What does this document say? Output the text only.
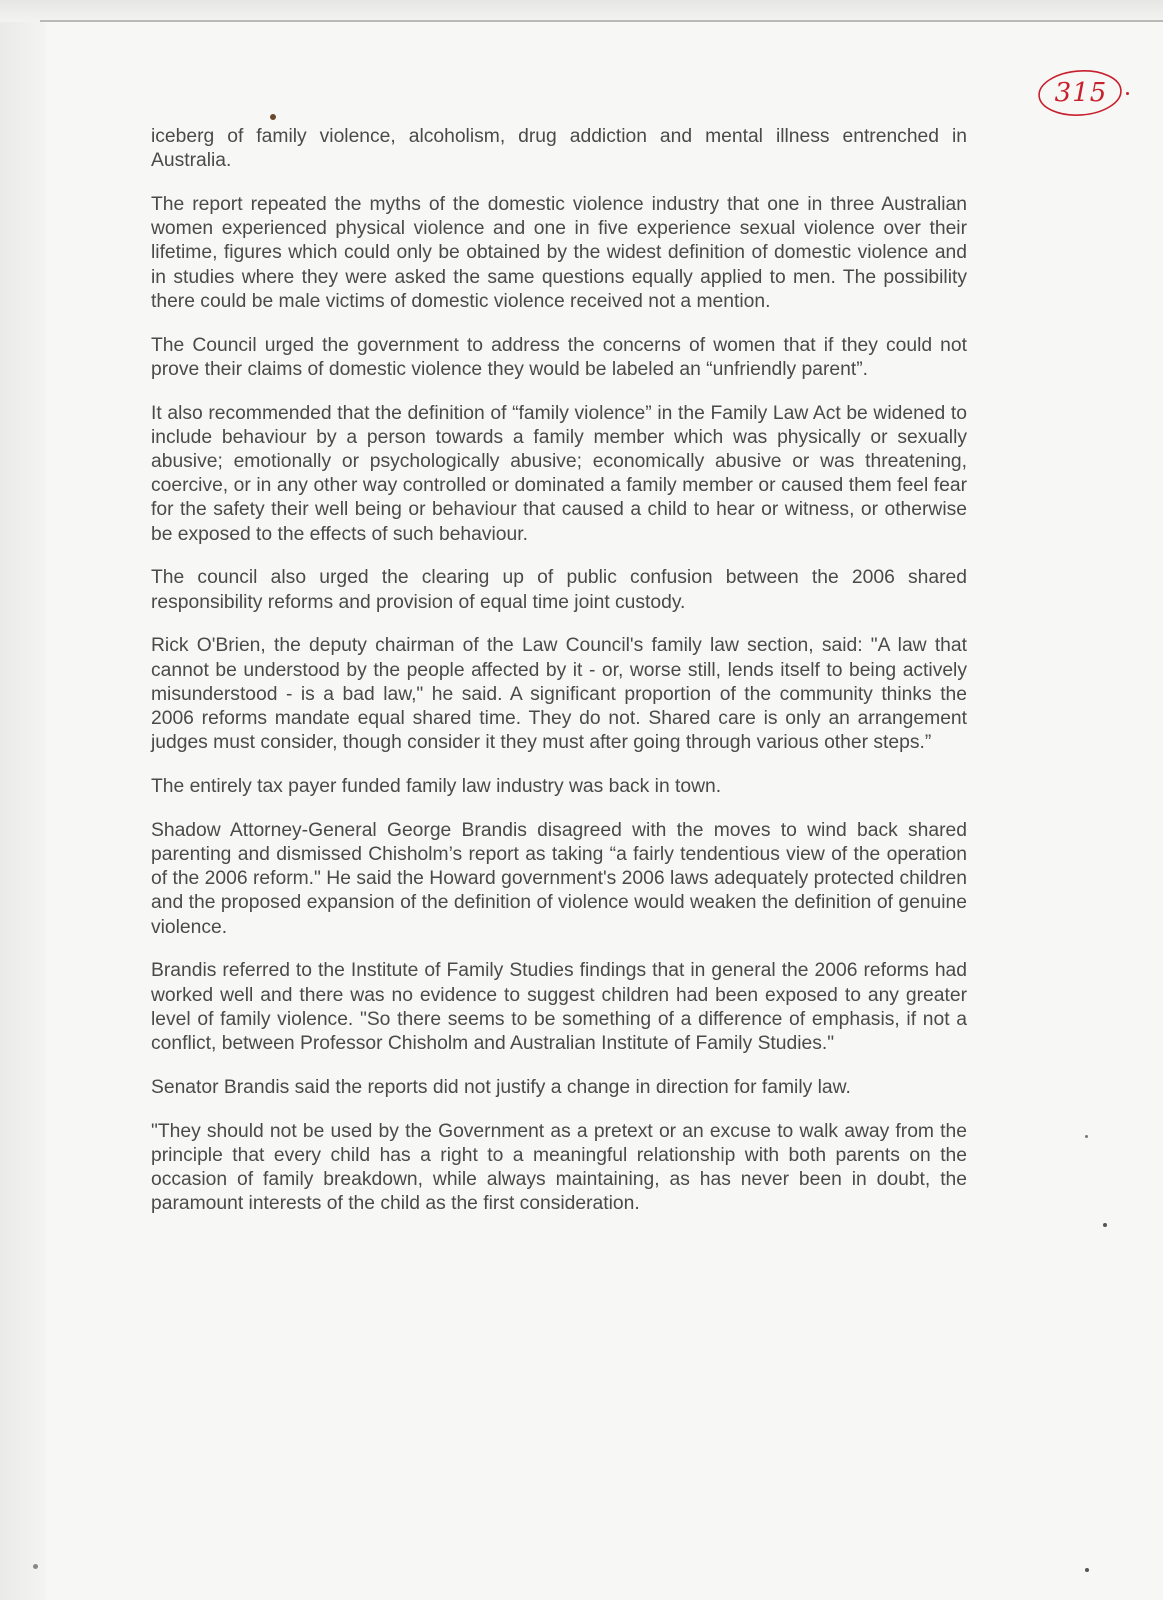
315

iceberg of family violence, alcoholism, drug addiction and mental illness entrenched in Australia.

The report repeated the myths of the domestic violence industry that one in three Australian women experienced physical violence and one in five experience sexual violence over their lifetime, figures which could only be obtained by the widest definition of domestic violence and in studies where they were asked the same questions equally applied to men. The possibility there could be male victims of domestic violence received not a mention.

The Council urged the government to address the concerns of women that if they could not prove their claims of domestic violence they would be labeled an “unfriendly parent”.

It also recommended that the definition of “family violence” in the Family Law Act be widened to include behaviour by a person towards a family member which was physically or sexually abusive; emotionally or psychologically abusive; economically abusive or was threatening, coercive, or in any other way controlled or dominated a family member or caused them feel fear for the safety their well being or behaviour that caused a child to hear or witness, or otherwise be exposed to the effects of such behaviour.

The council also urged the clearing up of public confusion between the 2006 shared responsibility reforms and provision of equal time joint custody.

Rick O'Brien, the deputy chairman of the Law Council's family law section, said: "A law that cannot be understood by the people affected by it - or, worse still, lends itself to being actively misunderstood - is a bad law," he said. A significant proportion of the community thinks the 2006 reforms mandate equal shared time. They do not. Shared care is only an arrangement judges must consider, though consider it they must after going through various other steps.”

The entirely tax payer funded family law industry was back in town.

Shadow Attorney-General George Brandis disagreed with the moves to wind back shared parenting and dismissed Chisholm’s report as taking “a fairly tendentious view of the operation of the 2006 reform." He said the Howard government's 2006 laws adequately protected children and the proposed expansion of the definition of violence would weaken the definition of genuine violence.

Brandis referred to the Institute of Family Studies findings that in general the 2006 reforms had worked well and there was no evidence to suggest children had been exposed to any greater level of family violence. "So there seems to be something of a difference of emphasis, if not a conflict, between Professor Chisholm and Australian Institute of Family Studies."

Senator Brandis said the reports did not justify a change in direction for family law.

"They should not be used by the Government as a pretext or an excuse to walk away from the principle that every child has a right to a meaningful relationship with both parents on the occasion of family breakdown, while always maintaining, as has never been in doubt, the paramount interests of the child as the first consideration.
